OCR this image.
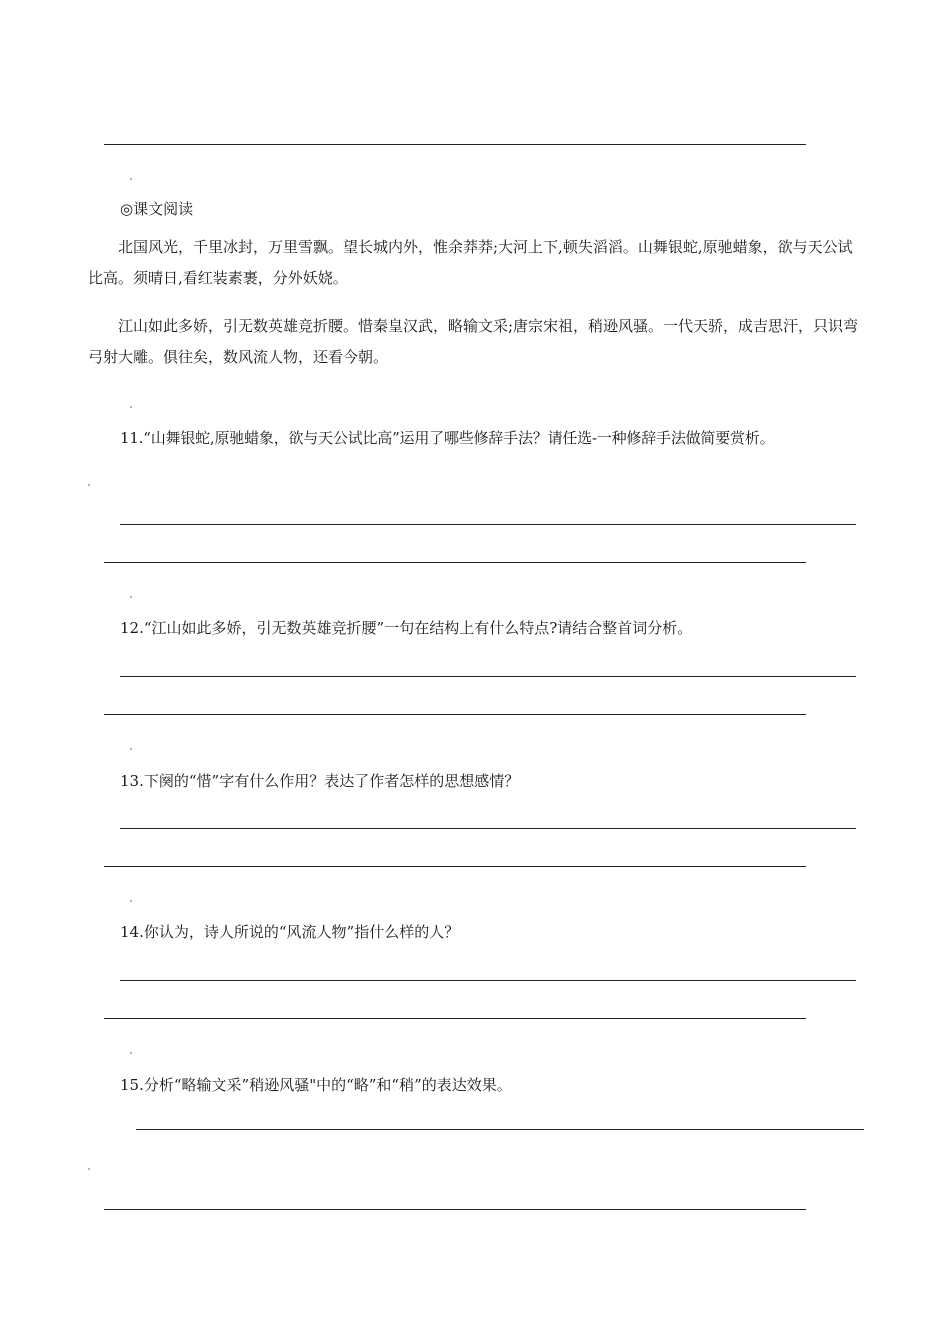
◎课文阅读
北国风光，千里冰封，万里雪飘。望长城内外，惟余莽莽;大河上下,顿失滔滔。山舞银蛇,原驰蜡象，欲与天公试比高。须晴日,看红装素裹，分外妖娆。
江山如此多娇，引无数英雄竞折腰。惜秦皇汉武，略输文采;唐宗宋祖，稍逊风骚。一代天骄，成吉思汗，只识弯弓射大雕。俱往矣，数风流人物，还看今朝。
11.“山舞银蛇,原驰蜡象，欲与天公试比高”运用了哪些修辞手法？请任选-一种修辞手法做简要赏析。
12.“江山如此多娇，引无数英雄竞折腰”一句在结构上有什么特点?请结合整首词分析。
13.下阕的“惜”字有什么作用？表达了作者怎样的思想感情？
14.你认为，诗人所说的“风流人物”指什么样的人？
15.分析“略输文采”稍逊风骚"中的“略”和“稍”的表达效果。
